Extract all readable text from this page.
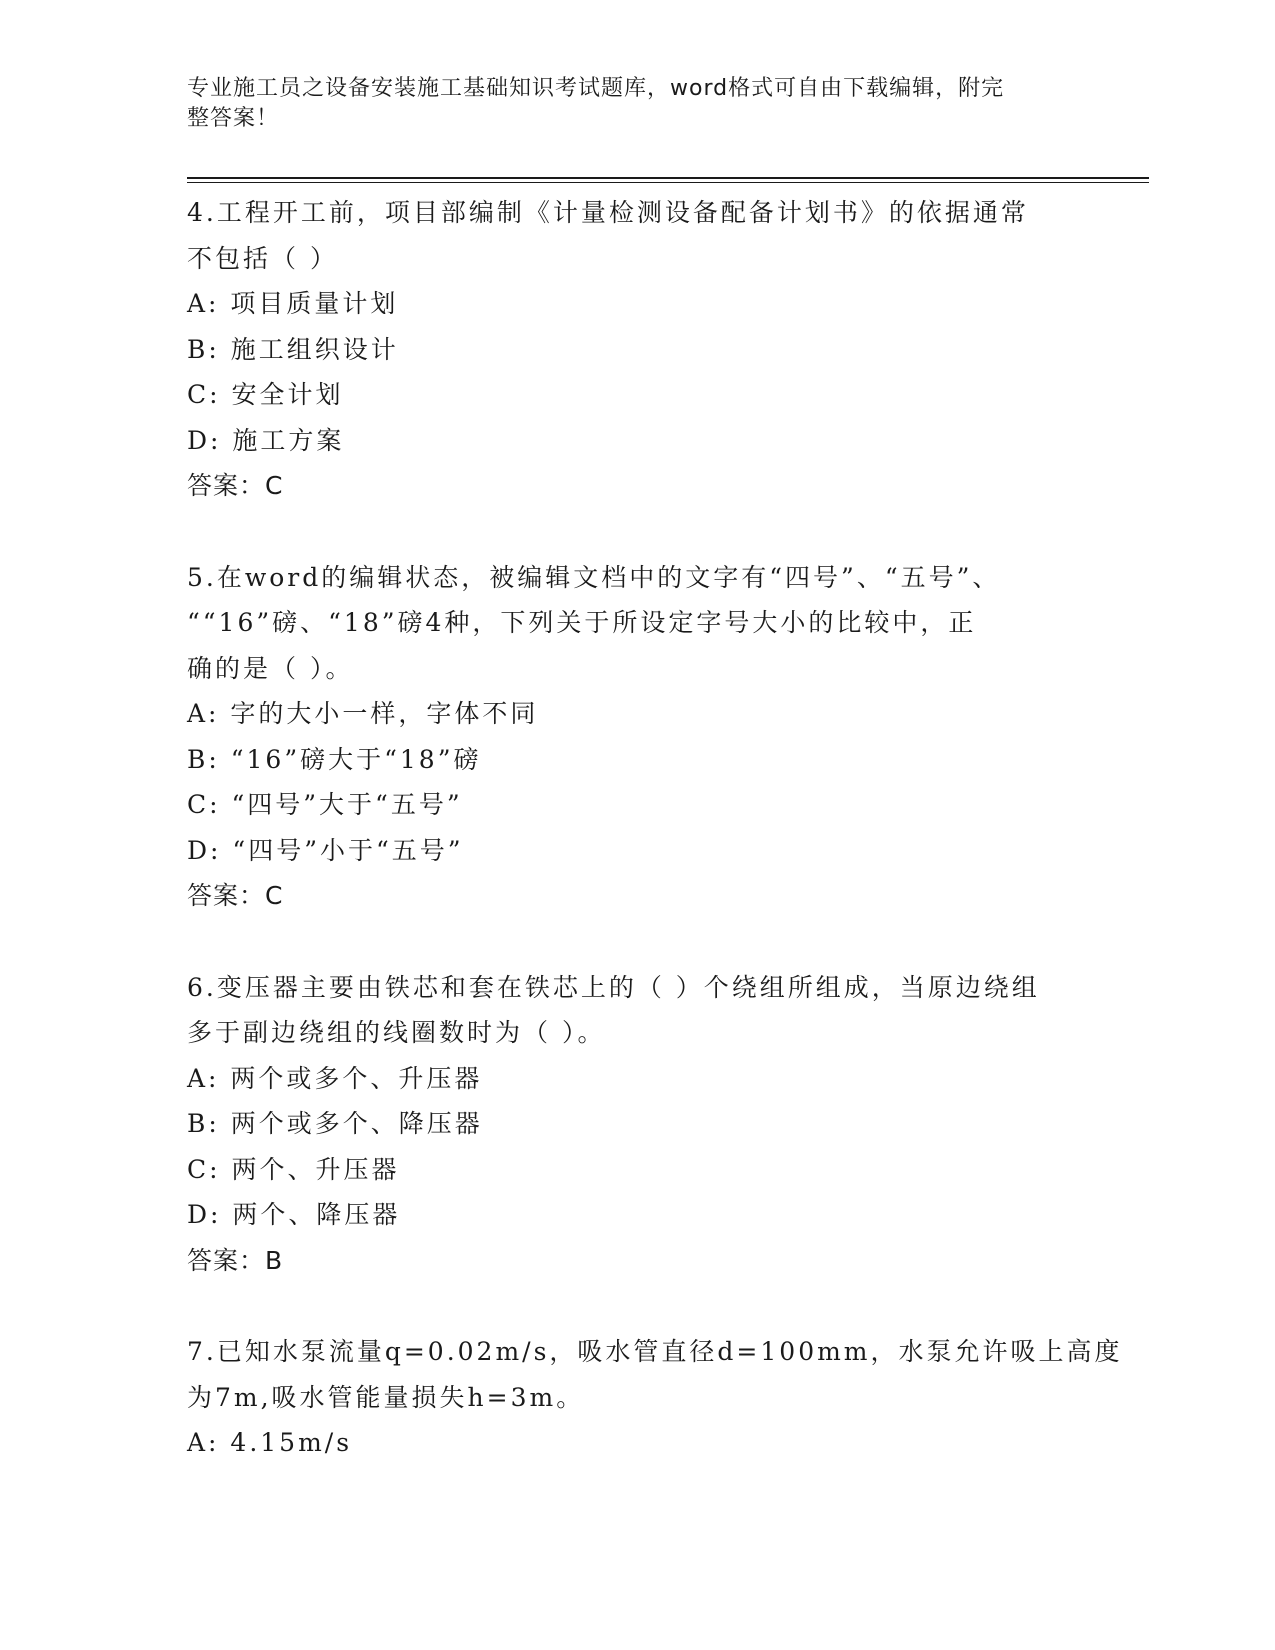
专业施工员之设备安装施工基础知识考试题库，word格式可自由下载编辑，附完
整答案！
4.工程开工前，项目部编制《计量检测设备配备计划书》的依据通常
不包括（ ）
A: 项目质量计划
B: 施工组织设计
C: 安全计划
D: 施工方案
答案：C
5.在word的编辑状态，被编辑文档中的文字有“四号”、“五号”、
““16”磅、“18”磅4种，下列关于所设定字号大小的比较中，正
确的是（ ）。
A: 字的大小一样，字体不同
B: “16”磅大于“18”磅
C: “四号”大于“五号”
D: “四号”小于“五号”
答案：C
6.变压器主要由铁芯和套在铁芯上的（ ）个绕组所组成，当原边绕组
多于副边绕组的线圈数时为（ ）。
A: 两个或多个、升压器
B: 两个或多个、降压器
C: 两个、升压器
D: 两个、降压器
答案：B
7.已知水泵流量q=0.02m/s，吸水管直径d=100mm，水泵允许吸上高度
为7m,吸水管能量损失h=3m。
A: 4.15m/s
